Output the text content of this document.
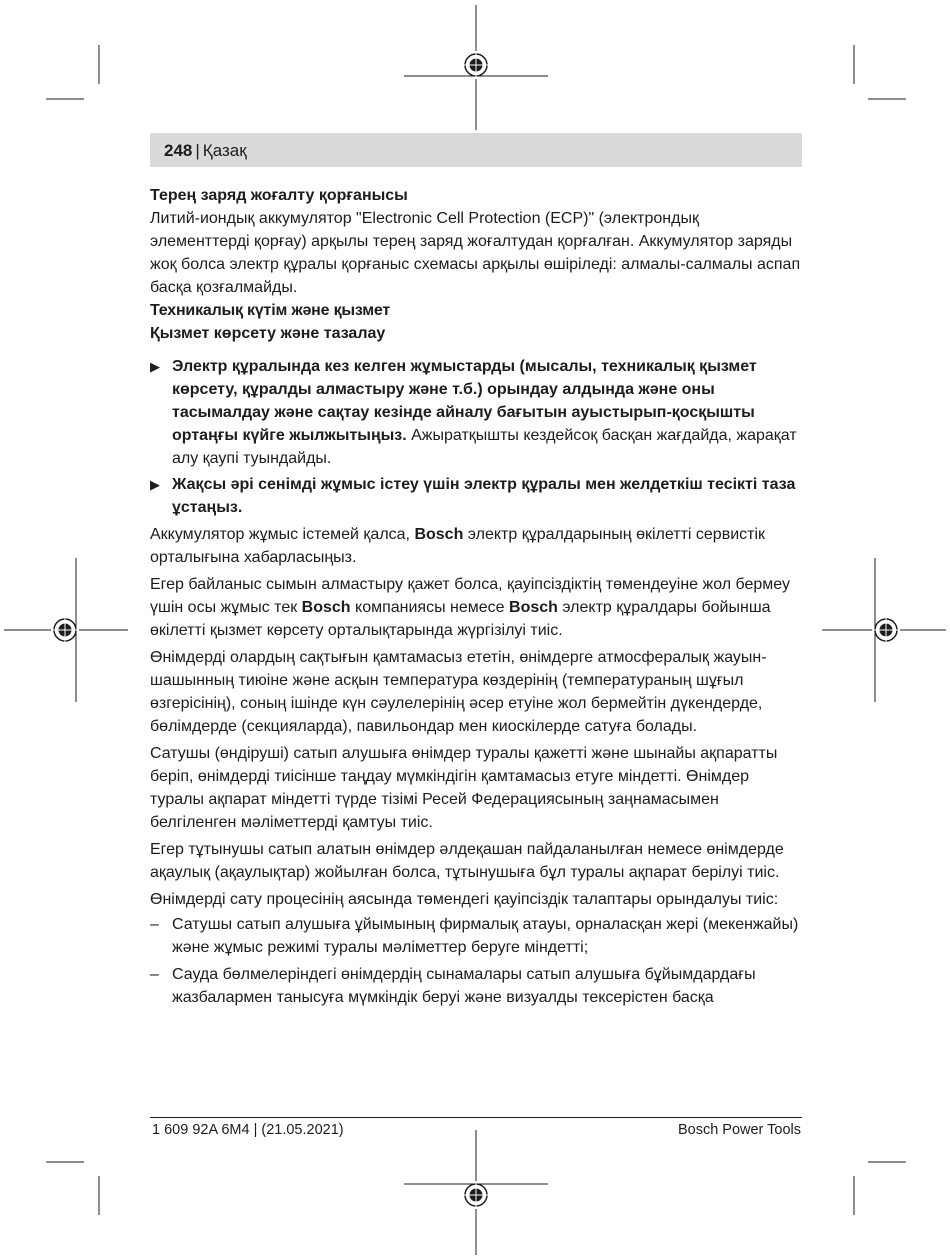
248 | Қазақ

Терең заряд жоғалту қорғанысы

Литий-иондық аккумулятор "Electronic Cell Protection (ECP)" (электрондық элементтерді қорғау) арқылы терең заряд жоғалтудан қорғалған. Аккумулятор заряды жоқ болса электр құралы қорғаныс схемасы арқылы өшіріледі: алмалы-салмалы аспап басқа қозғалмайды.

Техникалық күтім және қызмет

Қызмет көрсету және тазалау

▶ Электр құралында кез келген жұмыстарды (мысалы, техникалық қызмет көрсету, құралды алмастыру және т.б.) орындау алдында және оны тасымалдау және сақтау кезінде айналу бағытын ауыстырып-қосқышты ортаңғы күйге жылжытыңыз. Ажыратқышты кездейсоқ басқан жағдайда, жарақат алу қаупі туындайды.
▶ Жақсы әрі сенімді жұмыс істеу үшін электр құралы мен желдеткіш тесікті таза ұстаңыз.

Аккумулятор жұмыс істемей қалса, Bosch электр құралдарының өкілетті сервистік орталығына хабарласыңыз.

Егер байланыс сымын алмастыру қажет болса, қауіпсіздіктің төмендеуіне жол бермеу үшін осы жұмыс тек Bosch компаниясы немесе Bosch электр құралдары бойынша өкілетті қызмет көрсету орталықтарында жүргізілуі тиіс.

Өнімдерді олардың сақтығын қамтамасыз ететін, өнімдерге атмосфералық жауын-шашынның тиюіне және асқын температура көздерінің (температураның шұғыл өзгерісінің), соның ішінде күн сәулелерінің әсер етуіне жол бермейтін дүкендерде, бөлімдерде (секцияларда), павильондар мен киоскілерде сатуға болады.

Сатушы (өндіруші) сатып алушыға өнімдер туралы қажетті және шынайы ақпаратты беріп, өнімдерді тиісінше таңдау мүмкіндігін қамтамасыз етуге міндетті. Өнімдер туралы ақпарат міндетті түрде тізімі Ресей Федерациясының заңнамасымен белгіленген мәліметтерді қамтуы тиіс.

Егер тұтынушы сатып алатын өнімдер әлдеқашан пайдаланылған немесе өнімдерде ақаулық (ақаулықтар) жойылған болса, тұтынушыға бұл туралы ақпарат берілуі тиіс.

Өнімдерді сату процесінің аясында төмендегі қауіпсіздік талаптары орындалуы тиіс:

– Сатушы сатып алушыға ұйымының фирмалық атауы, орналасқан жері (мекенжайы) және жұмыс режимі туралы мәліметтер беруге міндетті;
– Сауда бөлмелеріндегі өнімдердің сынамалары сатып алушыға бұйымдардағы жазбалармен танысуға мүмкіндік беруі және визуалды тексерістен басқа
1 609 92A 6M4 | (21.05.2021)	Bosch Power Tools
